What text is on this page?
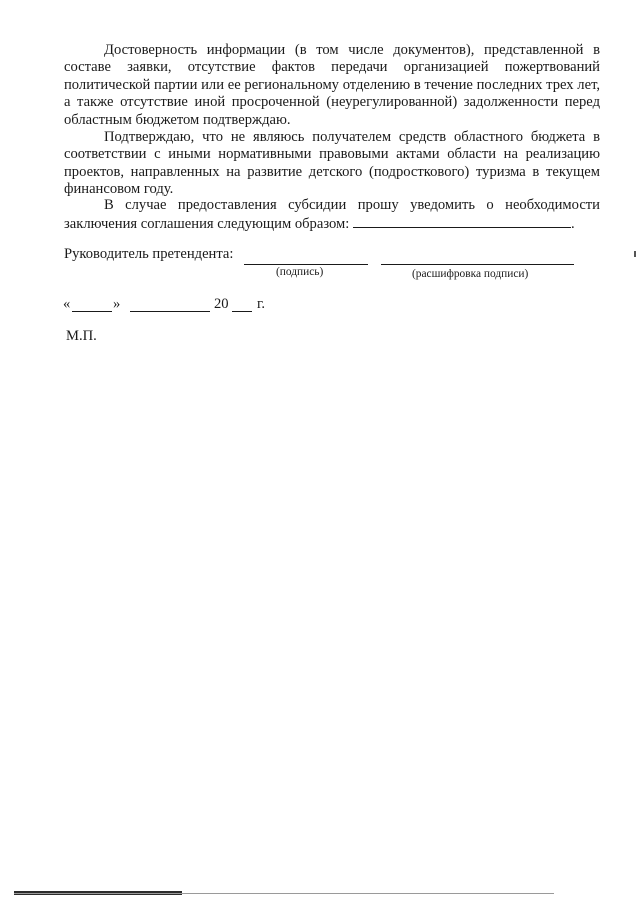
Достоверность информации (в том числе документов), представленной в составе заявки, отсутствие фактов передачи организацией пожертвований политической партии или ее региональному отделению в течение последних трех лет, а также отсутствие иной просроченной (неурегулированной) задолженности перед областным бюджетом подтверждаю.

Подтверждаю, что не являюсь получателем средств областного бюджета в соответствии с иными нормативными правовыми актами области на реализацию проектов, направленных на развитие детского (подросткового) туризма в текущем финансовом году.

В случае предоставления субсидии прошу уведомить о необходимости заключения соглашения следующим образом:	.

Руководитель претендента:
(подпись)	(расшифровка подписи)
«	»	20 г.
М.П.
